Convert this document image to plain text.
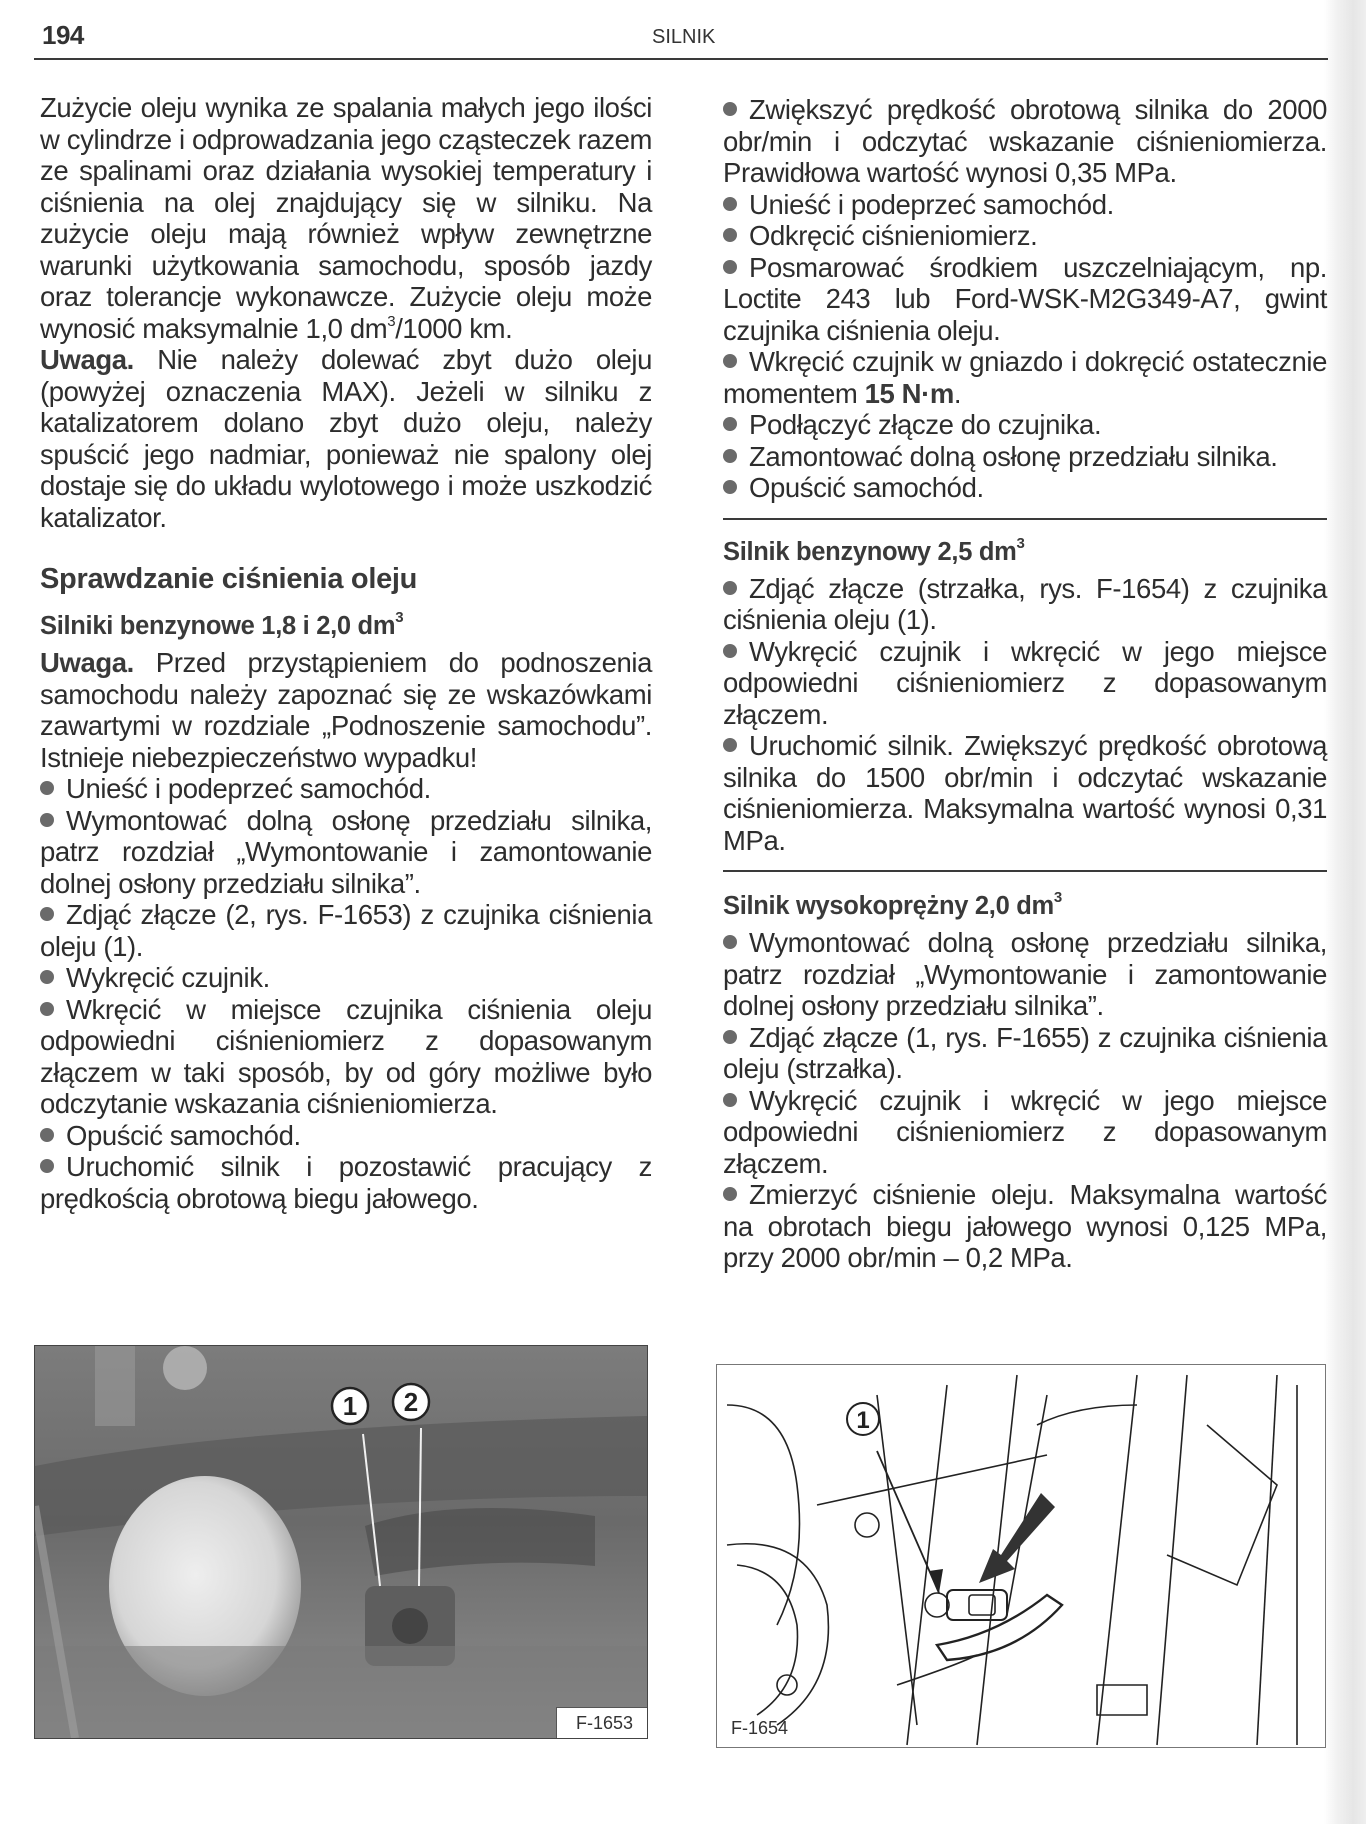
194	SILNIK

Zużycie oleju wynika ze spalania małych jego ilości w cylindrze i odprowadzania jego cząsteczek razem ze spalinami oraz działania wysokiej temperatury i ciśnienia na olej znajdujący się w silniku. Na zużycie oleju mają również wpływ zewnętrzne warunki użytkowania samochodu, sposób jazdy oraz tolerancje wykonawcze. Zużycie oleju może wynosić maksymalnie 1,0 $dm^3/1000$ km.

Uwaga. Nie należy dolewać zbyt dużo oleju (powyżej oznaczenia MAX). Jeżeli w silniku z katalizatorem dolano zbyt dużo oleju, należy spuścić jego nadmiar, ponieważ nie spalony olej dostaje się do układu wylotowego i może uszkodzić katalizator.

Sprawdzanie ciśnienia oleju
Silniki benzynowe 1,8 i 2,0 $dm^3$

Uwaga. Przed przystąpieniem do podnoszenia samochodu należy zapoznać się ze wskazówkami zawartymi w rozdziale „Podnoszenie samochodu”. Istnieje niebezpieczeństwo wypadku!

Unieść i podeprzeć samochód.

Wymontować dolną osłonę przedziału silnika, patrz rozdział „Wymontowanie i zamontowanie dolnej osłony przedziału silnika”.

Zdjąć złącze (2, rys. F-1653) z czujnika ciśnienia oleju (1).

Wykręcić czujnik.

Wkręcić w miejsce czujnika ciśnienia oleju odpowiedni ciśnieniomierz z dopasowanym złączem w taki sposób, by od góry możliwe było odczytanie wskazania ciśnieniomierza.

Opuścić samochód.

Uruchomić silnik i pozostawić pracujący z prędkością obrotową biegu jałowego.

Zwiększyć prędkość obrotową silnika do 2000 obr/min i odczytać wskazanie ciśnieniomierza. Prawidłowa wartość wynosi 0,35 MPa.

Unieść i podeprzeć samochód.

Odkręcić ciśnieniomierz.

Posmarować środkiem uszczelniającym, np. Loctite 243 lub Ford-WSK-M2G349-A7, gwint czujnika ciśnienia oleju.

Wkręcić czujnik w gniazdo i dokręcić ostatecznie momentem 15 N·m.

Podłączyć złącze do czujnika.

Zamontować dolną osłonę przedziału silnika.

Opuścić samochód.

Silnik benzynowy 2,5 $dm^3$

Zdjąć złącze (strzałka, rys. F-1654) z czujnika ciśnienia oleju (1).

Wykręcić czujnik i wkręcić w jego miejsce odpowiedni ciśnieniomierz z dopasowanym złączem.

Uruchomić silnik. Zwiększyć prędkość obrotową silnika do 1500 obr/min i odczytać wskazanie ciśnieniomierza. Maksymalna wartość wynosi 0,31 MPa.

Silnik wysokoprężny 2,0 $dm^3$

Wymontować dolną osłonę przedziału silnika, patrz rozdział „Wymontowanie i zamontowanie dolnej osłony przedziału silnika”.

Zdjąć złącze (1, rys. F-1655) z czujnika ciśnienia oleju (strzałka).

Wykręcić czujnik i wkręcić w jego miejsce odpowiedni ciśnieniomierz z dopasowanym złączem.

Zmierzyć ciśnienie oleju. Maksymalna wartość na obrotach biegu jałowego wynosi 0,125 MPa, przy 2000 obr/min – 0,2 MPa.

1 2
F-1653
1
F-1654
